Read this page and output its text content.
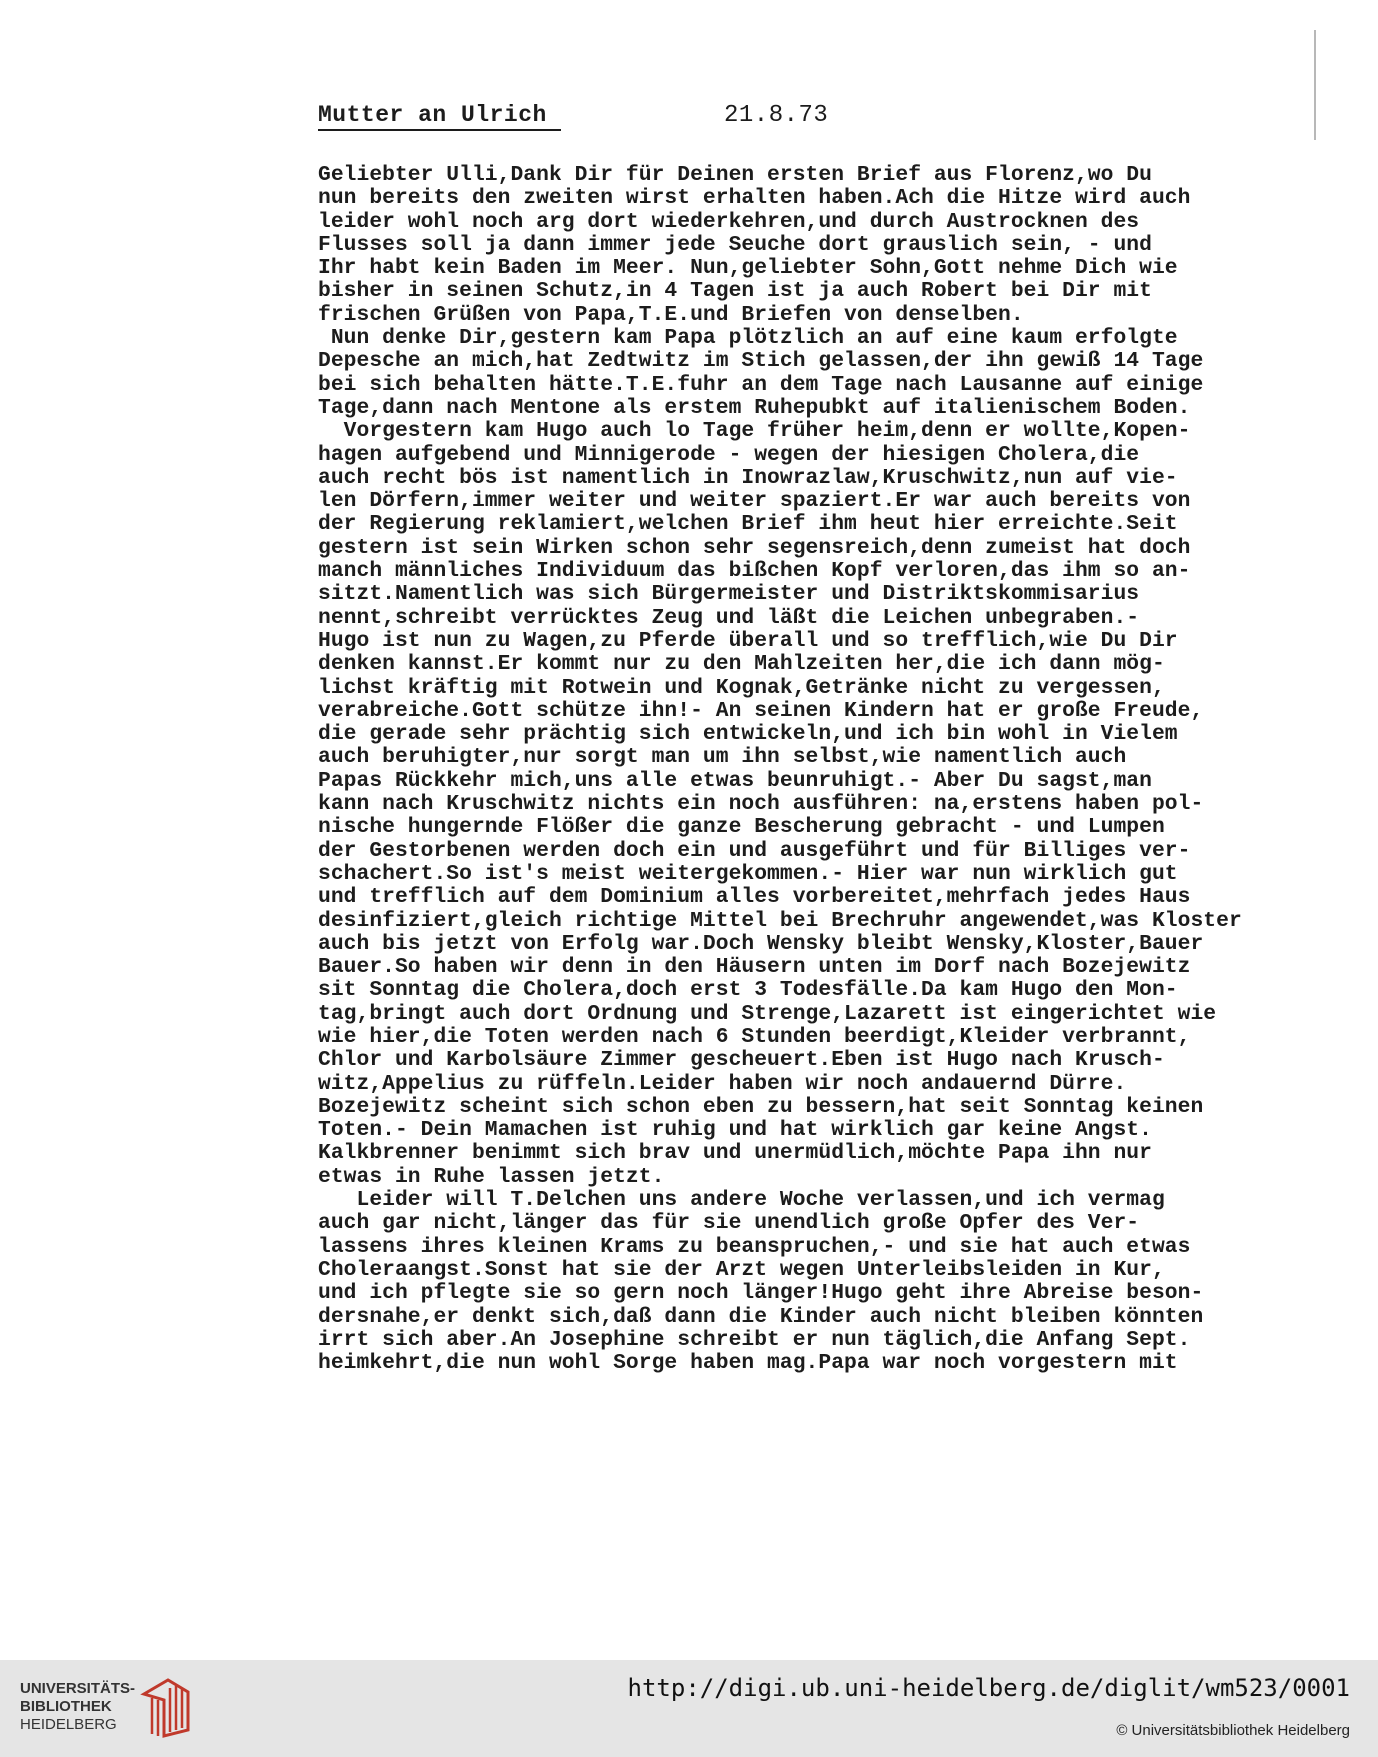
Mutter an Ulrich	21.8.73
Geliebter Ulli,Dank Dir für Deinen ersten Brief aus Florenz,wo Du
nun bereits den zweiten wirst erhalten haben.Ach die Hitze wird auch
leider wohl noch arg dort wiederkehren,und durch Austrocknen des
Flusses soll ja dann immer jede Seuche dort grauslich sein, - und
Ihr habt kein Baden im Meer. Nun,geliebter Sohn,Gott nehme Dich wie
bisher in seinen Schutz,in 4 Tagen ist ja auch Robert bei Dir mit
frischen Grüßen von Papa,T.E.und Briefen von denselben.
Nun denke Dir,gestern kam Papa plötzlich an auf eine kaum erfolgte
Depesche an mich,hat Zedtwitz im Stich gelassen,der ihn gewiß 14 Tage
bei sich behalten hätte.T.E.fuhr an dem Tage nach Lausanne auf einige
Tage,dann nach Mentone als erstem Ruhepubkt auf italienischem Boden.
Vorgestern kam Hugo auch lo Tage früher heim,denn er wollte,Kopen-
hagen aufgebend und Minnigerode - wegen der hiesigen Cholera,die
auch recht bös ist namentlich in Inowrazlaw,Kruschwitz,nun auf vie-
len Dörfern,immer weiter und weiter spaziert.Er war auch bereits von
der Regierung reklamiert,welchen Brief ihm heut hier erreichte.Seit
gestern ist sein Wirken schon sehr segensreich,denn zumeist hat doch
manch männliches Individuum das bißchen Kopf verloren,das ihm so an-
sitzt.Namentlich was sich Bürgermeister und Distriktskommisarius
nennt,schreibt verrücktes Zeug und läßt die Leichen unbegraben.-
Hugo ist nun zu Wagen,zu Pferde überall und so trefflich,wie Du Dir
denken kannst.Er kommt nur zu den Mahlzeiten her,die ich dann mög-
lichst kräftig mit Rotwein und Kognak,Getränke nicht zu vergessen,
verabreiche.Gott schütze ihn!- An seinen Kindern hat er große Freude,
die gerade sehr prächtig sich entwickeln,und ich bin wohl in Vielem
auch beruhigter,nur sorgt man um ihn selbst,wie namentlich auch
Papas Rückkehr mich,uns alle etwas beunruhigt.- Aber Du sagst,man
kann nach Kruschwitz nichts ein noch ausführen: na,erstens haben pol-
nische hungernde Flößer die ganze Bescherung gebracht - und Lumpen
der Gestorbenen werden doch ein und ausgeführt und für Billiges ver-
schachert.So ist's meist weitergekommen.- Hier war nun wirklich gut
und trefflich auf dem Dominium alles vorbereitet,mehrfach jedes Haus
desinfiziert,gleich richtige Mittel bei Brechruhr angewendet,was Kloster
auch bis jetzt von Erfolg war.Doch Wensky bleibt Wensky,Kloster,Bauer
Bauer.So haben wir denn in den Häusern unten im Dorf nach Bozejewitz
sit Sonntag die Cholera,doch erst 3 Todesfälle.Da kam Hugo den Mon-
tag,bringt auch dort Ordnung und Strenge,Lazarett ist eingerichtet wie
wie hier,die Toten werden nach 6 Stunden beerdigt,Kleider verbrannt,
Chlor und Karbolsäure Zimmer gescheuert.Eben ist Hugo nach Krusch-
witz,Appelius zu rüffeln.Leider haben wir noch andauernd Dürre.
Bozejewitz scheint sich schon eben zu bessern,hat seit Sonntag keinen
Toten.- Dein Mamachen ist ruhig und hat wirklich gar keine Angst.
Kalkbrenner benimmt sich brav und unermüdlich,möchte Papa ihn nur
etwas in Ruhe lassen jetzt.
Leider will T.Delchen uns andere Woche verlassen,und ich vermag
auch gar nicht,länger das für sie unendlich große Opfer des Ver-
lassens ihres kleinen Krams zu beanspruchen,- und sie hat auch etwas
Choleraangst.Sonst hat sie der Arzt wegen Unterleibsleiden in Kur,
und ich pflegte sie so gern noch länger!Hugo geht ihre Abreise beson-
dersnahe,er denkt sich,daß dann die Kinder auch nicht bleiben könnten
irrt sich aber.An Josephine schreibt er nun täglich,die Anfang Sept.
heimkehrt,die nun wohl Sorge haben mag.Papa war noch vorgestern mit
UNIVERSITÄTS-
BIBLIOTHEK
HEIDELBERG
http://digi.ub.uni-heidelberg.de/diglit/wm523/0001
© Universitätsbibliothek Heidelberg
